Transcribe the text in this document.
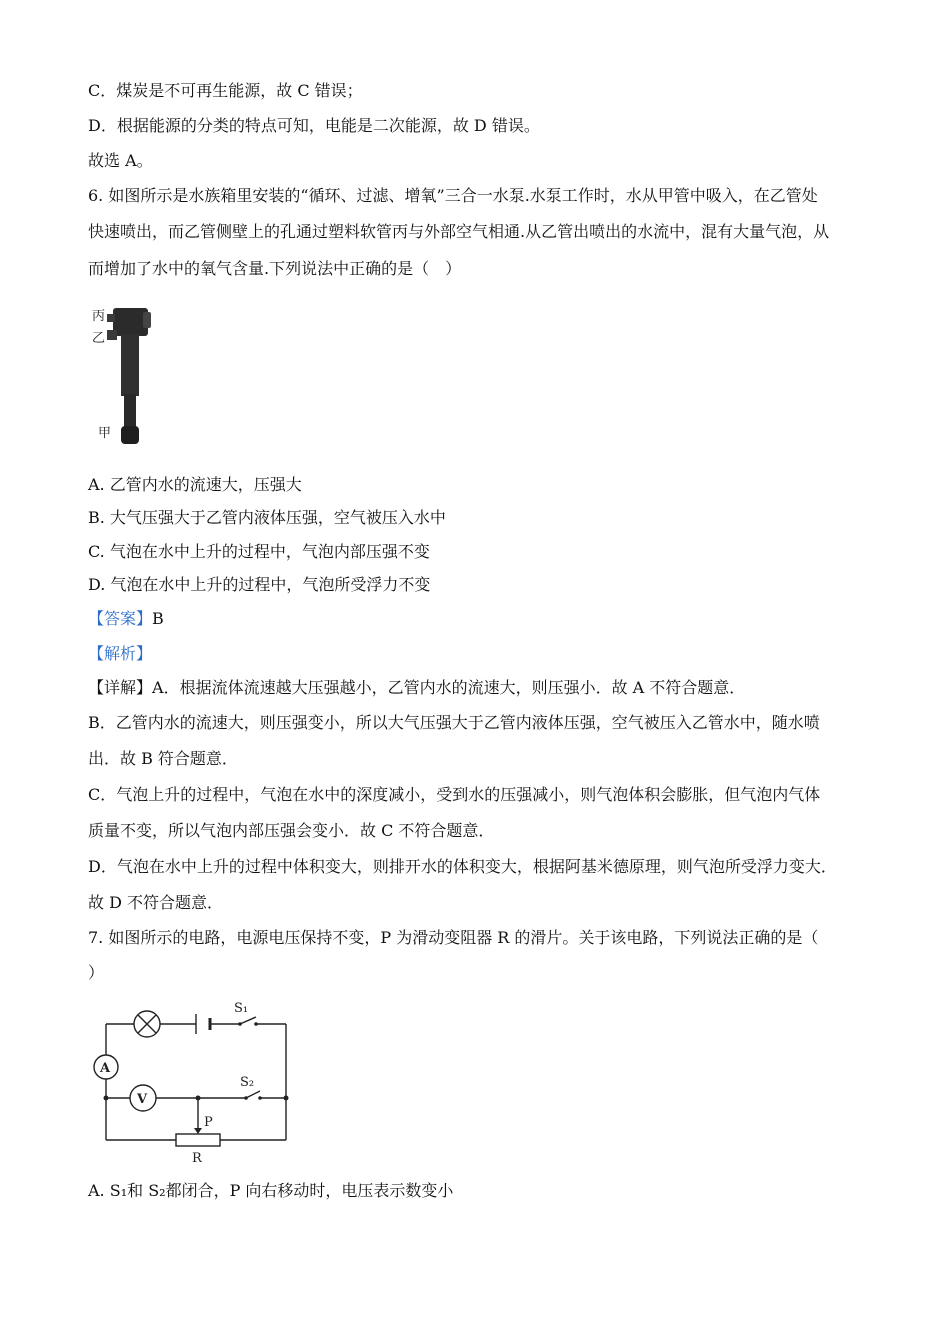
C．煤炭是不可再生能源，故 C 错误；
D．根据能源的分类的特点可知，电能是二次能源，故 D 错误。
故选 A。
6. 如图所示是水族箱里安装的“循环、过滤、增氧”三合一水泵.水泵工作时，水从甲管中吸入，在乙管处
快速喷出，而乙管侧壁上的孔通过塑料软管丙与外部空气相通.从乙管出喷出的水流中，混有大量气泡，从
而增加了水中的氧气含量.下列说法中正确的是（　）
丙
乙
甲
A. 乙管内水的流速大，压强大
B. 大气压强大于乙管内液体压强，空气被压入水中
C. 气泡在水中上升的过程中，气泡内部压强不变
D. 气泡在水中上升的过程中，气泡所受浮力不变
【答案】B
【解析】
【详解】A．根据流体流速越大压强越小，乙管内水的流速大，则压强小．故 A 不符合题意．
B．乙管内水的流速大，则压强变小，所以大气压强大于乙管内液体压强，空气被压入乙管水中，随水喷
出．故 B 符合题意．
C．气泡上升的过程中，气泡在水中的深度减小，受到水的压强减小，则气泡体积会膨胀，但气泡内气体
质量不变，所以气泡内部压强会变小．故 C 不符合题意．
D．气泡在水中上升的过程中体积变大，则排开水的体积变大，根据阿基米德原理，则气泡所受浮力变大．
故 D 不符合题意．
7. 如图所示的电路，电源电压保持不变，P 为滑动变阻器 R 的滑片。关于该电路，下列说法正确的是（
）
A
V
S₁
S₂
P
R
A. S₁和 S₂都闭合，P 向右移动时，电压表示数变小
